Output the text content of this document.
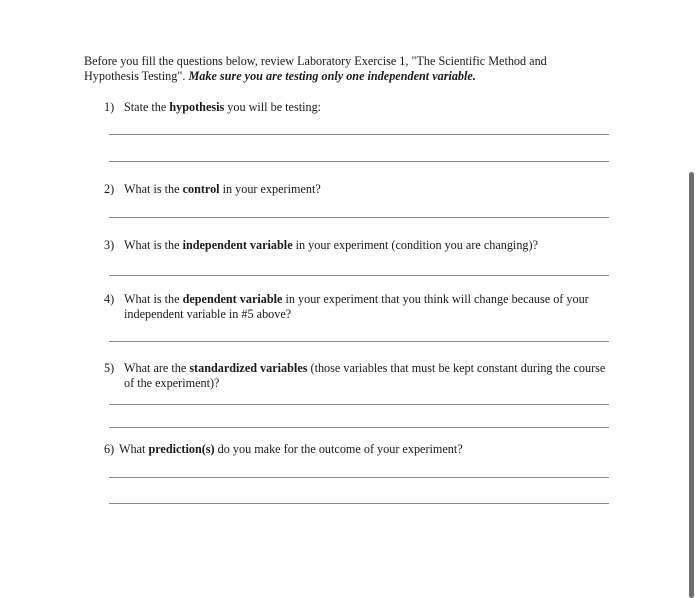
Before you fill the questions below, review Laboratory Exercise 1, "The Scientific Method and Hypothesis Testing". Make sure you are testing only one independent variable.
1) State the hypothesis you will be testing:
2) What is the control in your experiment?
3) What is the independent variable in your experiment (condition you are changing)?
4) What is the dependent variable in your experiment that you think will change because of your independent variable in #5 above?
5) What are the standardized variables (those variables that must be kept constant during the course of the experiment)?
6) What prediction(s) do you make for the outcome of your experiment?
